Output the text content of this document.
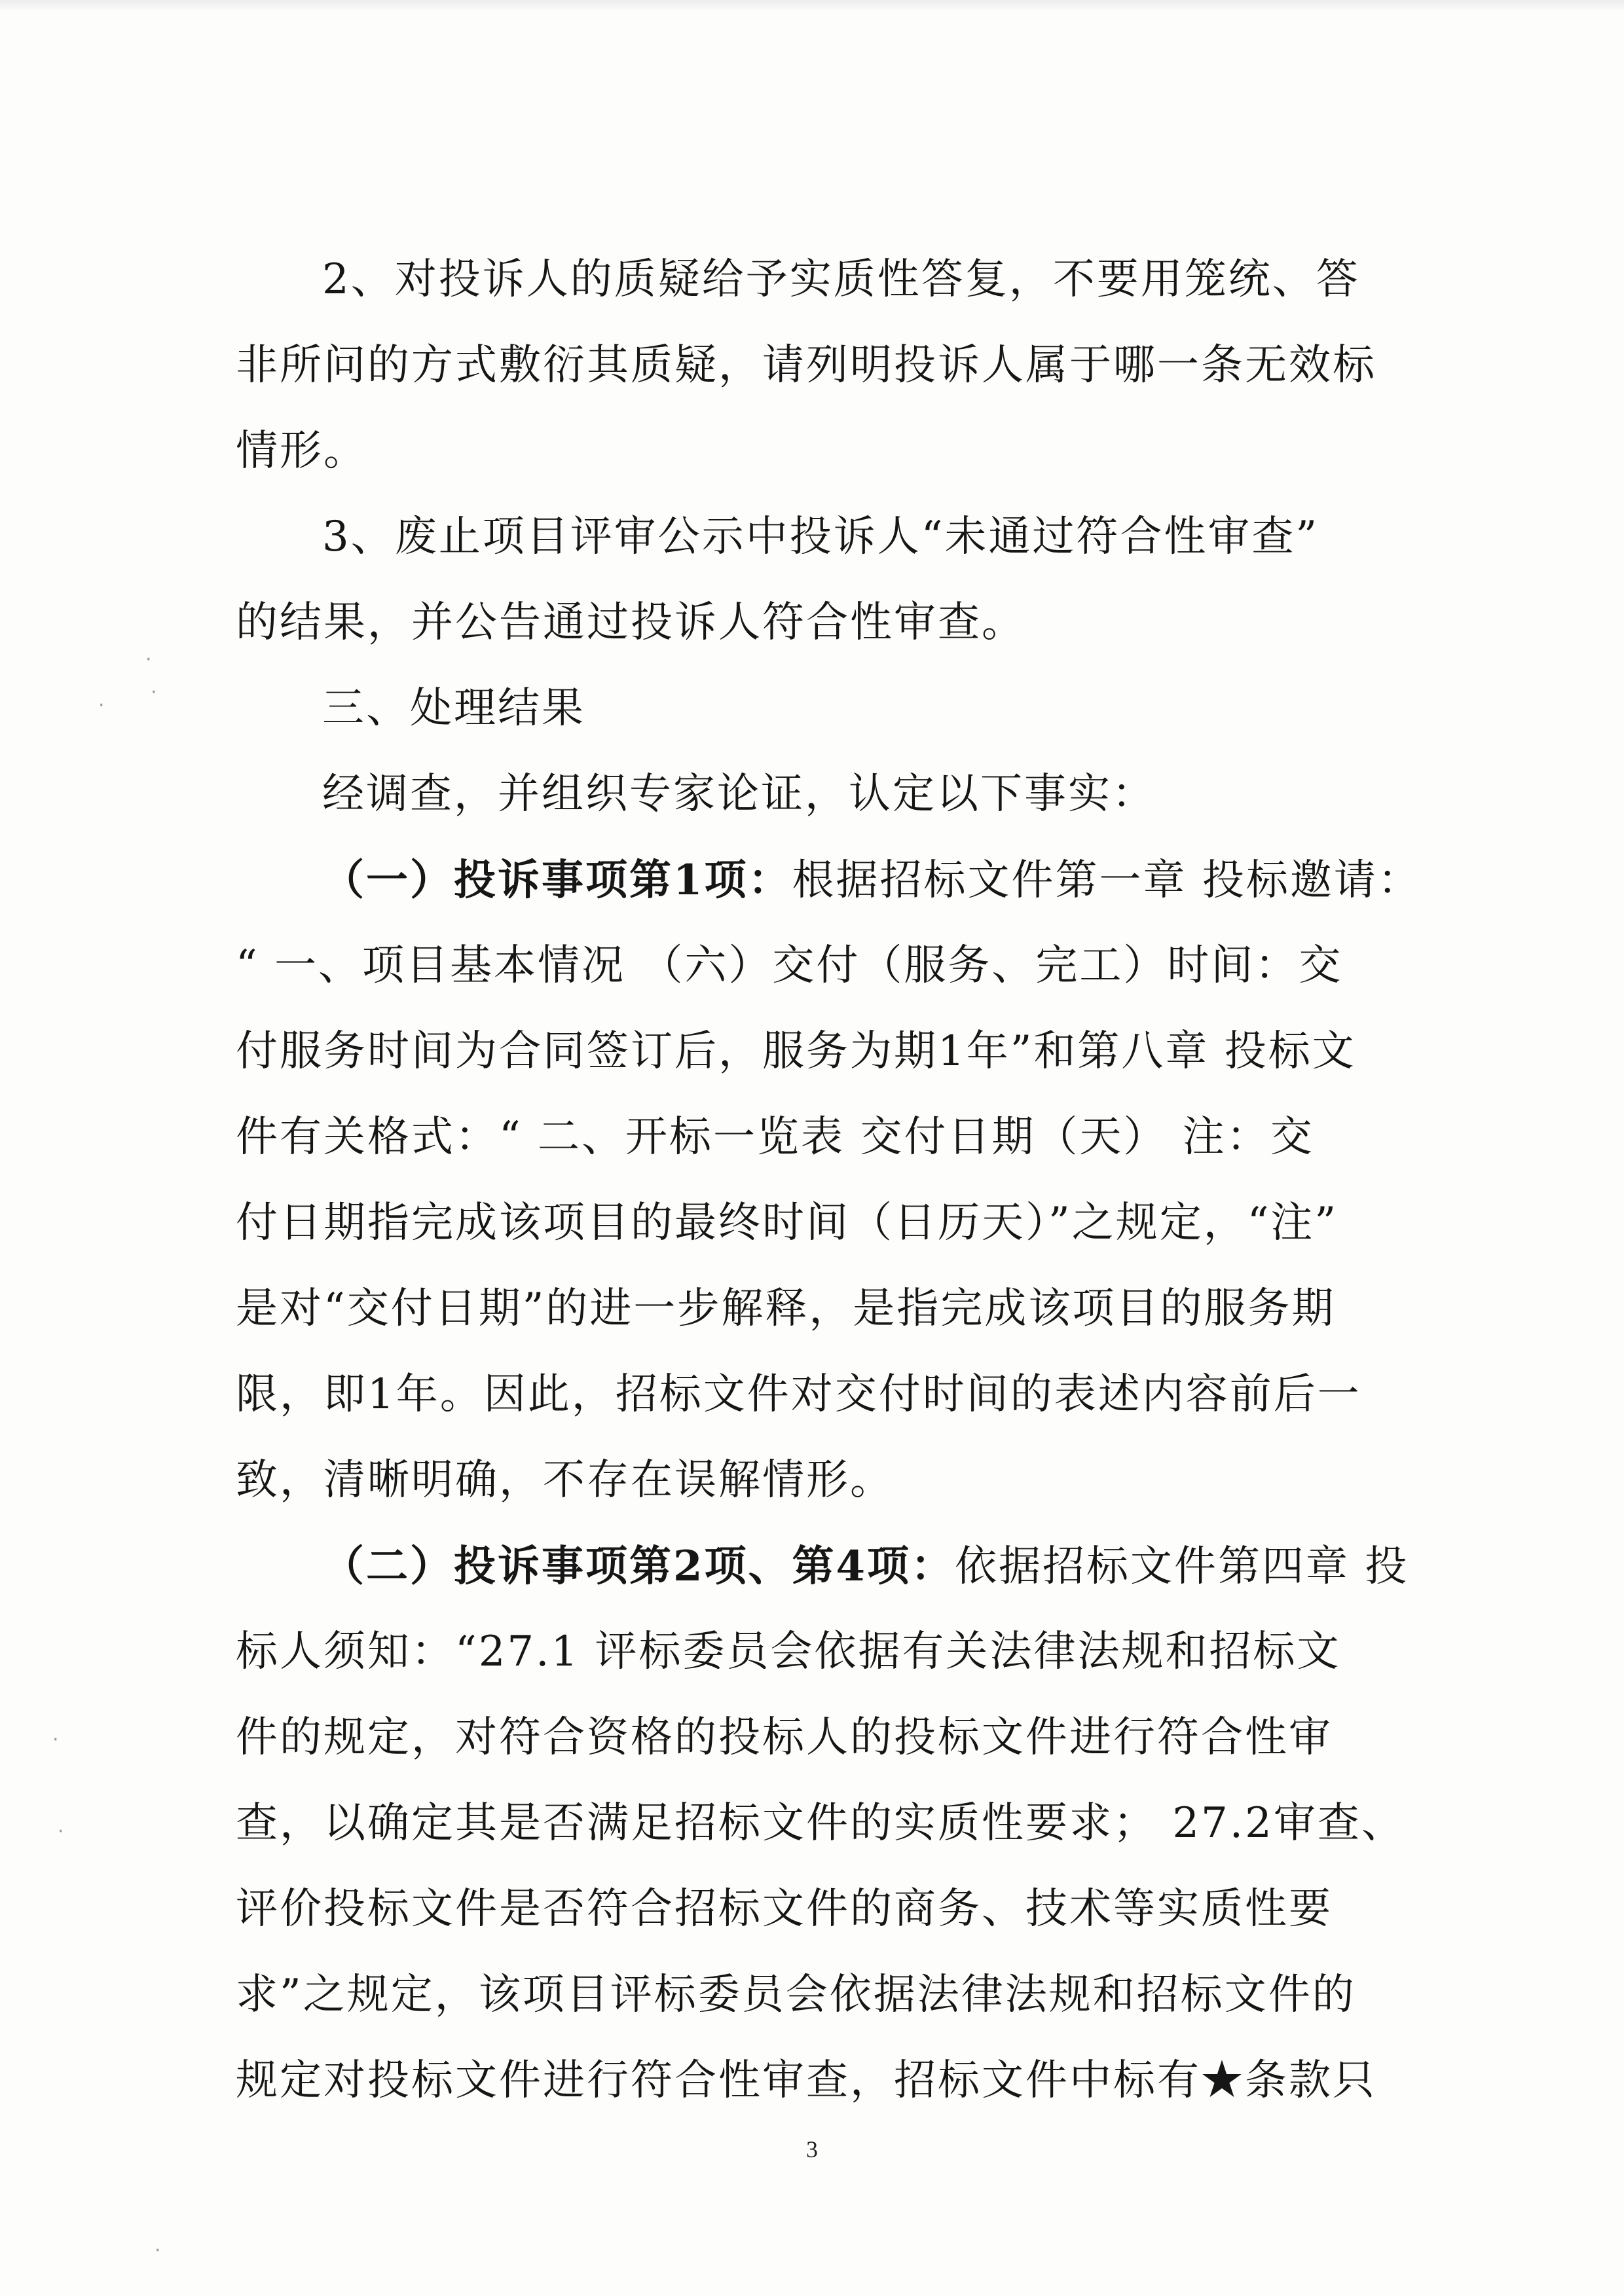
2、对投诉人的质疑给予实质性答复，不要用笼统、答
非所问的方式敷衍其质疑，请列明投诉人属于哪一条无效标
情形。
3、废止项目评审公示中投诉人“未通过符合性审查”
的结果，并公告通过投诉人符合性审查。
三、处理结果
经调查，并组织专家论证，认定以下事实：
（一）投诉事项第1项：根据招标文件第一章 投标邀请：
“ 一、项目基本情况 （六）交付（服务、完工）时间：交
付服务时间为合同签订后，服务为期1年”和第八章 投标文
件有关格式：“ 二、开标一览表 交付日期（天） 注：交
付日期指完成该项目的最终时间（日历天）”之规定，“注”
是对“交付日期”的进一步解释，是指完成该项目的服务期
限，即1年。因此，招标文件对交付时间的表述内容前后一
致，清晰明确，不存在误解情形。
（二）投诉事项第2项、第4项：依据招标文件第四章 投
标人须知：“27.1 评标委员会依据有关法律法规和招标文
件的规定，对符合资格的投标人的投标文件进行符合性审
查，以确定其是否满足招标文件的实质性要求； 27.2审查、
评价投标文件是否符合招标文件的商务、技术等实质性要
求”之规定，该项目评标委员会依据法律法规和招标文件的
规定对投标文件进行符合性审查，招标文件中标有★条款只
3
·
·
·
·
·
·
